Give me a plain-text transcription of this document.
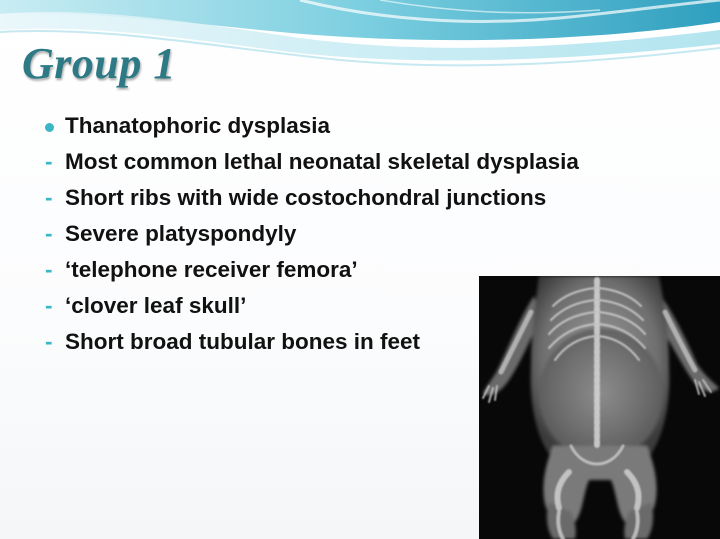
Group 1
Thanatophoric dysplasia
Most common lethal neonatal skeletal dysplasia
Short ribs with wide costochondral junctions
Severe platyspondyly
‘telephone receiver femora’
‘clover leaf skull’
Short broad tubular bones in feet
